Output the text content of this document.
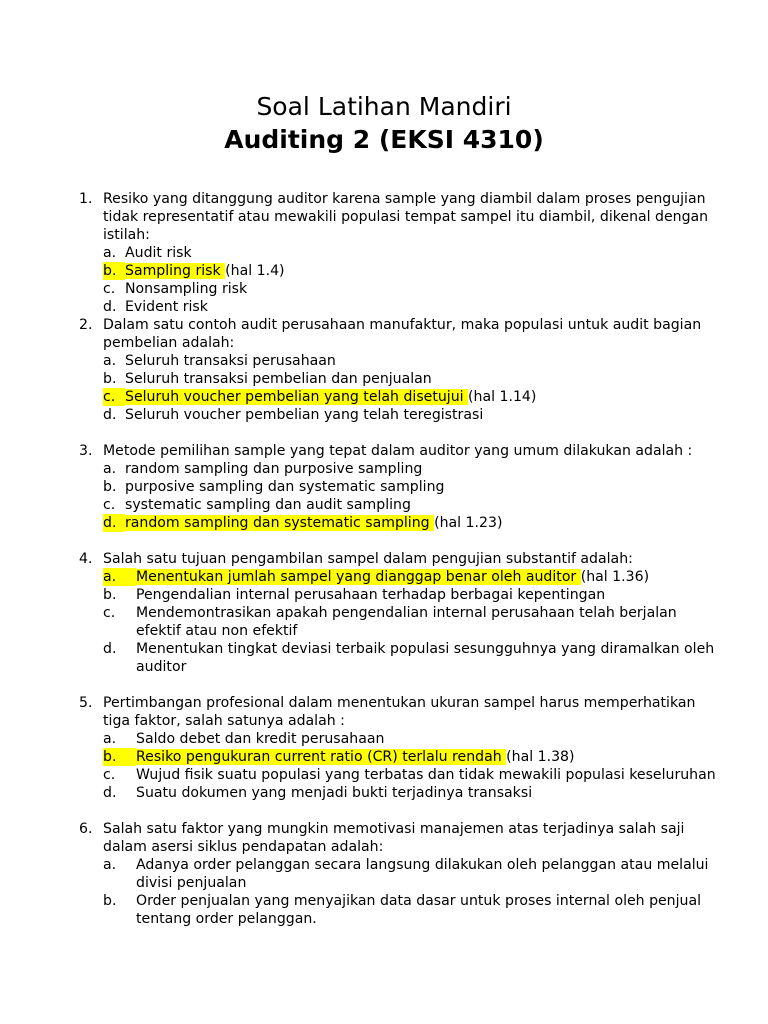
Soal Latihan Mandiri
Auditing 2 (EKSI 4310)
1. Resiko yang ditanggung auditor karena sample yang diambil dalam proses pengujian tidak representatif atau mewakili populasi tempat sampel itu diambil, dikenal dengan istilah:
a. Audit risk
b. Sampling risk (hal 1.4)
c. Nonsampling risk
d. Evident risk
2. Dalam satu contoh audit perusahaan manufaktur, maka populasi untuk audit bagian pembelian adalah:
a. Seluruh transaksi perusahaan
b. Seluruh transaksi pembelian dan penjualan
c. Seluruh voucher pembelian yang telah disetujui (hal 1.14)
d. Seluruh voucher pembelian yang telah teregistrasi
3. Metode pemilihan sample yang tepat dalam auditor yang umum dilakukan adalah :
a. random sampling dan purposive sampling
b. purposive sampling dan systematic sampling
c. systematic sampling dan audit sampling
d. random sampling dan systematic sampling (hal 1.23)
4. Salah satu tujuan pengambilan sampel dalam pengujian substantif adalah:
a.	Menentukan jumlah sampel yang dianggap benar oleh auditor (hal 1.36)
b.	Pengendalian internal perusahaan terhadap berbagai kepentingan
c.	Mendemontrasikan apakah pengendalian internal perusahaan telah berjalan efektif atau non efektif
d.	Menentukan tingkat deviasi terbaik populasi sesungguhnya yang diramalkan oleh auditor
5. Pertimbangan profesional dalam menentukan ukuran sampel harus memperhatikan tiga faktor, salah satunya adalah :
a.	Saldo debet dan kredit perusahaan
b.	Resiko pengukuran current ratio (CR) terlalu rendah (hal 1.38)
c.	Wujud fisik suatu populasi yang terbatas dan tidak mewakili populasi keseluruhan
d.	Suatu dokumen yang menjadi bukti terjadinya transaksi
6. Salah satu faktor yang mungkin memotivasi manajemen atas terjadinya salah saji dalam asersi siklus pendapatan adalah:
a.	Adanya order pelanggan secara langsung dilakukan oleh pelanggan atau melalui divisi penjualan
b.	Order penjualan yang menyajikan data dasar untuk proses internal oleh penjual tentang order pelanggan.
